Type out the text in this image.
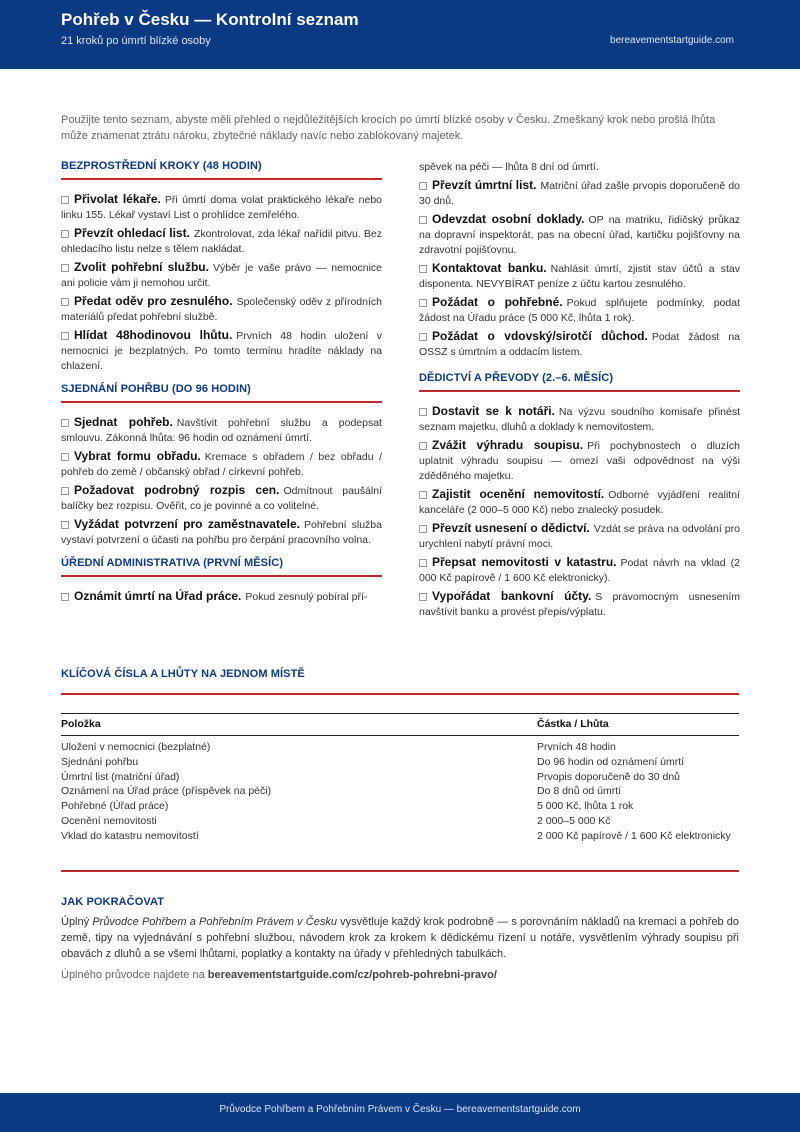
Pohřeb v Česku — Kontrolní seznam
21 kroků po úmrtí blízké osoby	bereavementstartguide.com
Použijte tento seznam, abyste měli přehled o nejdůležitějších krocích po úmrtí blízké osoby v Česku. Zmeškaný krok nebo prošlá lhůta může znamenat ztrátu nároku, zbytečné náklady navíc nebo zablokovaný majetek.
BEZPROSTŘEDNÍ KROKY (48 HODIN)
Přivolat lékaře. Při úmrtí doma volat praktického lékaře nebo linku 155. Lékař vystaví List o prohlídce zemřelého.
Převzít ohledací list. Zkontrolovat, zda lékař nařídil pitvu. Bez ohledacího listu nelze s tělem nakládat.
Zvolit pohřební službu. Výběr je vaše právo — nemocnice ani policie vám ji nemohou určit.
Předat oděv pro zesnulého. Společenský oděv z přírodních materiálů předat pohřební službě.
Hlídat 48hodinovou lhůtu. Prvních 48 hodin uložení v nemocnici je bezplatných. Po tomto termínu hradíte náklady na chlazení.
SJEDNÁNÍ POHŘBU (DO 96 HODIN)
Sjednat pohřeb. Navštívit pohřební službu a podepsat smlouvu. Zákonná lhůta: 96 hodin od oznámení úmrtí.
Vybrat formu obřadu. Kremace s obřadem / bez obřadu / pohřeb do země / občanský obřad / církevní pohřeb.
Požadovat podrobný rozpis cen. Odmítnout paušální balíčky bez rozpisu. Ověřit, co je povinné a co volitelné.
Vyžádat potvrzení pro zaměstnavatele. Pohřební služba vystaví potvrzení o účasti na pohřbu pro čerpání pracovního volna.
ÚŘEDNÍ ADMINISTRATIVA (PRVNÍ MĚSÍC)
Oznámit úmrtí na Úřad práce. Pokud zesnulý pobíral pří-
spěvek na péči — lhůta 8 dní od úmrtí.
Převzít úmrtní list. Matriční úřad zašle prvopis doporučeně do 30 dnů.
Odevzdat osobní doklady. OP na matriku, řidičský průkaz na dopravní inspektorát, pas na obecní úřad, kartičku pojišťovny na zdravotní pojišťovnu.
Kontaktovat banku. Nahlásit úmrtí, zjistit stav účtů a stav disponenta. NEVYBÍRAT peníze z účtu kartou zesnulého.
Požádat o pohřebné. Pokud splňujete podmínky, podat žádost na Úřadu práce (5 000 Kč, lhůta 1 rok).
Požádat o vdovský/sirotčí důchod. Podat žádost na OSSZ s úmrtním a oddacím listem.
DĚDICTVÍ A PŘEVODY (2.–6. MĚSÍC)
Dostavit se k notáři. Na výzvu soudního komisaře přinést seznam majetku, dluhů a doklady k nemovitostem.
Zvážit výhradu soupisu. Při pochybnostech o dluzích uplatnit výhradu soupisu — omezí vaši odpovědnost na výši zděděného majetku.
Zajistit ocenění nemovitostí. Odborné vyjádření realitní kanceláře (2 000–5 000 Kč) nebo znalecký posudek.
Převzít usnesení o dědictví. Vzdát se práva na odvolání pro urychlení nabytí právní moci.
Přepsat nemovitosti v katastru. Podat návrh na vklad (2 000 Kč papírově / 1 600 Kč elektronicky).
Vypořádat bankovní účty. S pravomocným usnesením navštívit banku a provést přepis/výplatu.
KLÍČOVÁ ČÍSLA A LHŮTY NA JEDNOM MÍSTĚ
Položka	Částka / Lhůta
Uložení v nemocnici (bezplatné)	Prvních 48 hodin
Sjednání pohřbu	Do 96 hodin od oznámení úmrtí
Úmrtní list (matriční úřad)	Prvopis doporučeně do 30 dnů
Oznámení na Úřad práce (příspěvek na péči)	Do 8 dnů od úmrtí
Pohřebné (Úřad práce)	5 000 Kč, lhůta 1 rok
Ocenění nemovitosti	2 000–5 000 Kč
Vklad do katastru nemovitostí	2 000 Kč papírově / 1 600 Kč elektronicky
JAK POKRAČOVAT
Úplný Průvodce Pohřbem a Pohřebním Právem v Česku vysvětluje každý krok podrobně — s porovnáním nákladů na kremaci a pohřeb do země, tipy na vyjednávání s pohřební službou, návodem krok za krokem k dědickému řízení u notáře, vysvětlením výhrady soupisu při obavách z dluhů a se všemi lhůtami, poplatky a kontakty na úřady v přehledných tabulkách.
Úplného průvodce najdete na bereavementstartguide.com/cz/pohreb-pohrebni-pravo/
Průvodce Pohřbem a Pohřebním Právem v Česku — bereavementstartguide.com
